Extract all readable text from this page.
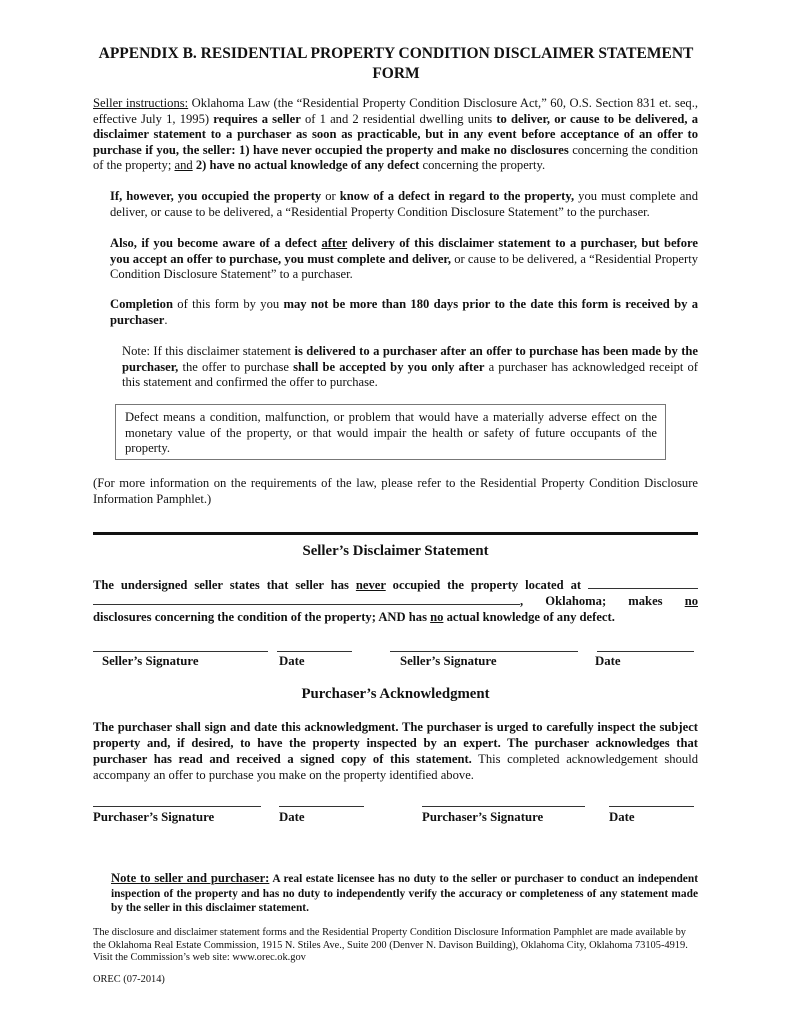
APPENDIX B. RESIDENTIAL PROPERTY CONDITION DISCLAIMER STATEMENT
FORM
Seller instructions: Oklahoma Law (the “Residential Property Condition Disclosure Act,” 60, O.S. Section 831 et. seq., effective July 1, 1995) requires a seller of 1 and 2 residential dwelling units to deliver, or cause to be delivered, a disclaimer statement to a purchaser as soon as practicable, but in any event before acceptance of an offer to purchase if you, the seller: 1) have never occupied the property and make no disclosures concerning the condition of the property; and 2) have no actual knowledge of any defect concerning the property.
If, however, you occupied the property or know of a defect in regard to the property, you must complete and deliver, or cause to be delivered, a “Residential Property Condition Disclosure Statement” to the purchaser.
Also, if you become aware of a defect after delivery of this disclaimer statement to a purchaser, but before you accept an offer to purchase, you must complete and deliver, or cause to be delivered, a “Residential Property Condition Disclosure Statement” to a purchaser.
Completion of this form by you may not be more than 180 days prior to the date this form is received by a purchaser.
Note: If this disclaimer statement is delivered to a purchaser after an offer to purchase has been made by the purchaser, the offer to purchase shall be accepted by you only after a purchaser has acknowledged receipt of this statement and confirmed the offer to purchase.
Defect means a condition, malfunction, or problem that would have a materially adverse effect on the monetary value of the property, or that would impair the health or safety of future occupants of the property.
(For more information on the requirements of the law, please refer to the Residential Property Condition Disclosure Information Pamphlet.)
Seller’s Disclaimer Statement
The undersigned seller states that seller has never occupied the property located at  , Oklahoma; makes no disclosures concerning the condition of the property; AND has no actual knowledge of any defect.
Seller’s Signature	Date	Seller’s Signature	Date
Purchaser’s Acknowledgment
The purchaser shall sign and date this acknowledgment. The purchaser is urged to carefully inspect the subject property and, if desired, to have the property inspected by an expert. The purchaser acknowledges that purchaser has read and received a signed copy of this statement. This completed acknowledgement should accompany an offer to purchase you make on the property identified above.
Purchaser’s Signature	Date	Purchaser’s Signature	Date
Note to seller and purchaser: A real estate licensee has no duty to the seller or purchaser to conduct an independent inspection of the property and has no duty to independently verify the accuracy or completeness of any statement made by the seller in this disclaimer statement.
The disclosure and disclaimer statement forms and the Residential Property Condition Disclosure Information Pamphlet are made available by the Oklahoma Real Estate Commission, 1915 N. Stiles Ave., Suite 200 (Denver N. Davison Building), Oklahoma City, Oklahoma 73105-4919. Visit the Commission’s web site: www.orec.ok.gov
OREC (07-2014)
